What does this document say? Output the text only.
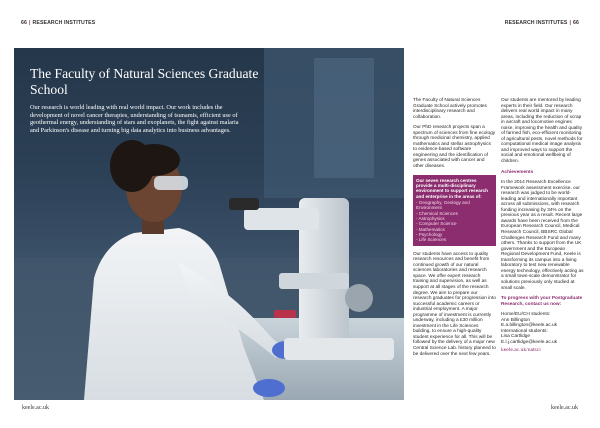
66 | RESEARCH INSTITUTES	RESEARCH INSTITUTES | 66
The Faculty of Natural Sciences Graduate School

Our research is world leading with real world impact. Our work includes the development of novel cancer therapies, understanding of tsunamis, efficient use of geothermal energy, understanding of stars and exoplanets, the fight against malaria and Parkinson's disease and turning big data analytics into business advantages.

The Faculty of Natural Sciences Graduate School actively promotes interdisciplinary research and collaboration.

Our PhD research projects span a spectrum of sciences from fine ecology through medicinal chemistry, applied mathematics and stellar astrophysics to evidence-based software engineering and the identification of genes associated with cancer and other diseases.

Our seven research centres provide a multi-disciplinary environment to support research and enterprise in the areas of:
- Geography, Geology and Environment
- Chemical Sciences
- Astrophysics
- Computer Science
- Mathematics
- Psychology
- Life Sciences

Our students have access to quality research resources and benefit from continued growth of our natural sciences laboratories and research space. We offer expert research training and supervision, as well as support at all stages of the research degree. We aim to prepare our research graduates for progression into successful academic careers or industrial employment. A major programme of investment is currently underway, including a £30 million investment in the Life Sciences building, to ensure a high-quality student experience for all. This will be followed by the delivery of a major new Central Science Lab. history planned to be delivered over the next few years.

Our students are mentored by leading experts in their field. Our research delivers real world impact in many areas, including the reduction of scrap in aircraft and locomotive engines noise, improving the health and quality of farmed fish, eco-efficient monitoring of agricultural pests, novel methods for computational medical image analysis and improved ways to support the social and emotional wellbeing of children.

Achievements

In the 2014 Research Excellence Framework assessment exercise, our research was judged to be world-leading and internationally important across all submissions, with research funding increasing by 34% on the previous year as a result. Recent large awards have been received from the European Research Council, Medical Research Council, BBSRC Global Challenges Research Fund and many others. Thanks to support from the UK government and the European Regional Development Fund, Keele is transforming its campus into a living laboratory to test new renewable energy technology, effectively acting as a small town-scale demonstrator for solutions previously only studied at small scale.

To progress with your Postgraduate Research, contact us now:

Home/EU/CH students:

Ann Billington

E.a.billington@keele.ac.uk

International students:

Lisa Cartlidge

E.l.j.cartlidge@keele.ac.uk

keele.ac.uk/natsci
keele.ac.uk	keele.ac.uk
